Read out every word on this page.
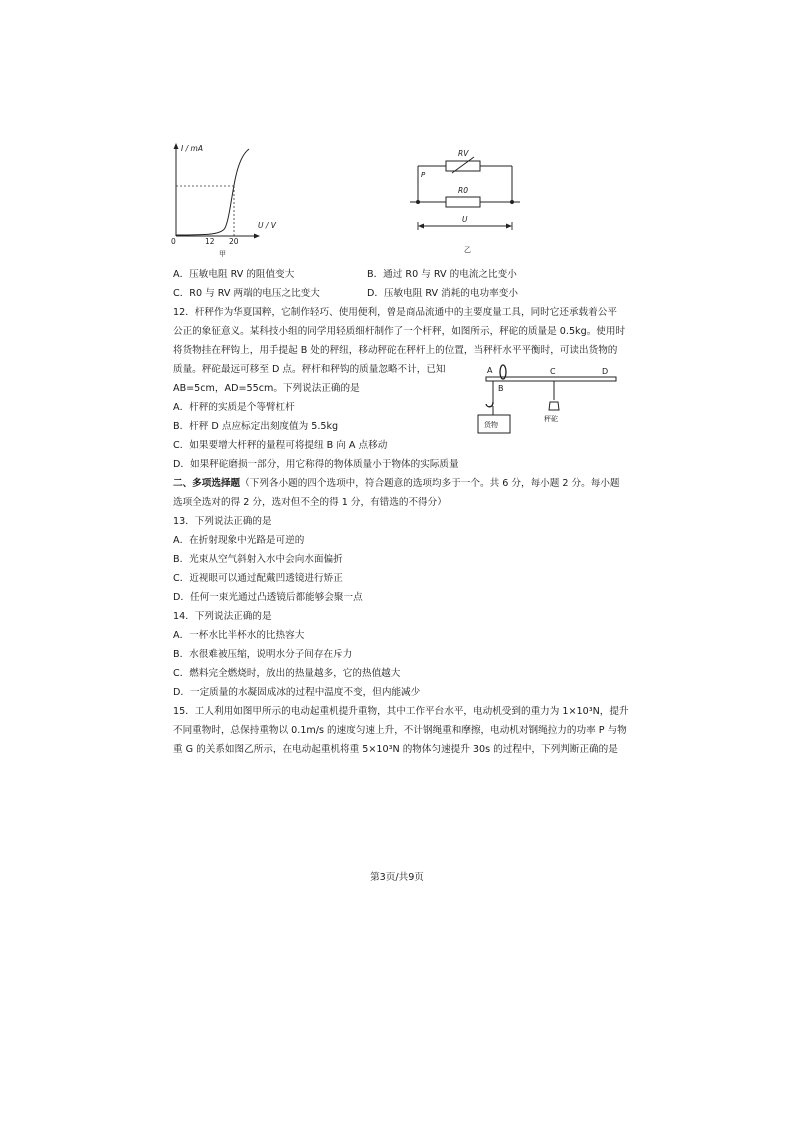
I / mA
U / V
0	12 20
甲
RV
P
R0
U
乙
A．压敏电阻 RV 的阻值变大	B．通过 R0 与 RV 的电流之比变小
C．R0 与 RV 两端的电压之比变大	D．压敏电阻 RV 消耗的电功率变小
12．杆秤作为华夏国粹，它制作轻巧、使用便利，曾是商品流通中的主要度量工具，同时它还承载着公平
公正的象征意义。某科技小组的同学用轻质细杆制作了一个杆秤，如图所示，秤砣的质量是 0.5kg。使用时
将货物挂在秤钩上，用手提起 B 处的秤纽，移动秤砣在秤杆上的位置，当秤杆水平平衡时，可读出货物的
质量。秤砣最远可移至 D 点。秤杆和秤钩的质量忽略不计，已知
AB=5cm，AD=55cm。下列说法正确的是
A．杆秤的实质是个等臂杠杆
B．杆秤 D 点应标定出刻度值为 5.5kg
C．如果要增大杆秤的量程可将提纽 B 向 A 点移动
D．如果秤砣磨损一部分，用它称得的物体质量小于物体的实际质量
A
B
C	D
货物
秤砣
二、多项选择题（下列各小题的四个选项中，符合题意的选项均多于一个。共 6 分，每小题 2 分。每小题
选项全选对的得 2 分，选对但不全的得 1 分，有错选的不得分）
13．下列说法正确的是
A．在折射现象中光路是可逆的
B．光束从空气斜射入水中会向水面偏折
C．近视眼可以通过配戴凹透镜进行矫正
D．任何一束光通过凸透镜后都能够会聚一点
14．下列说法正确的是
A．一杯水比半杯水的比热容大
B．水很难被压缩，说明水分子间存在斥力
C．燃料完全燃烧时，放出的热量越多，它的热值越大
D．一定质量的水凝固成冰的过程中温度不变，但内能减少
15．工人利用如图甲所示的电动起重机提升重物，其中工作平台水平，电动机受到的重力为 1×10³N，提升
不同重物时，总保持重物以 0.1m/s 的速度匀速上升，不计钢绳重和摩擦，电动机对钢绳拉力的功率 P 与物
重 G 的关系如图乙所示，在电动起重机将重 5×10³N 的物体匀速提升 30s 的过程中，下列判断正确的是
第3页/共9页
